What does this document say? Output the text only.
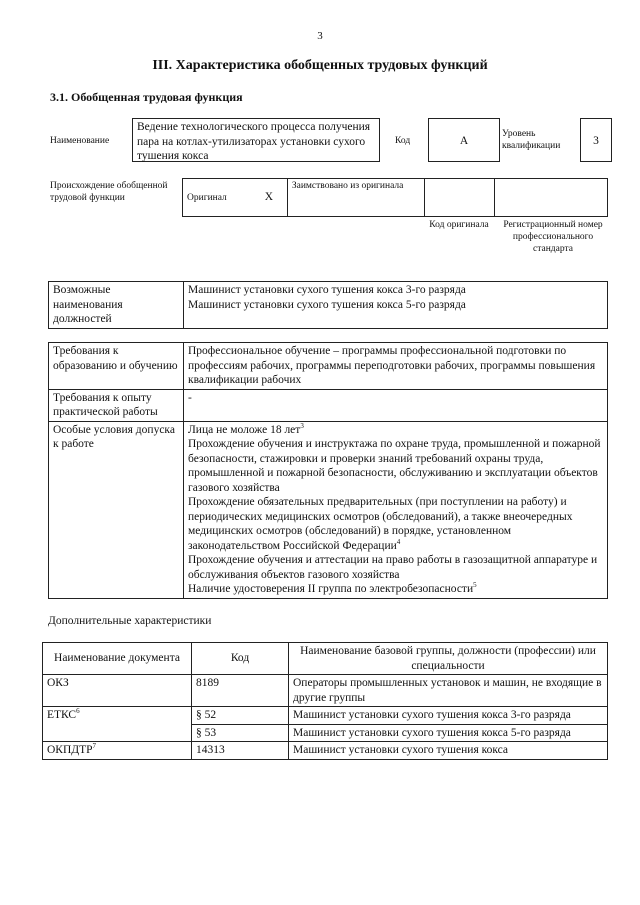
3
III. Характеристика обобщенных трудовых функций
3.1. Обобщенная трудовая функция
Наименование
Ведение технологического процесса получения пара на котлах-утилизаторах установки сухого тушения кокса
Код	А
Уровень квалификации	3
Происхождение обобщенной трудовой функции	Оригинал	X	Заимствовано из оригинала		
Код оригинала	Регистрационный номер профессионального стандарта
Возможные наименования должностей	
Машинист установки сухого тушения кокса 3-го разряда
Машинист установки сухого тушения кокса 5-го разряда
Требования к образованию и обучению	Профессиональное обучение – программы профессиональной подготовки по профессиям рабочих, программы переподготовки рабочих, программы повышения квалификации рабочих
Требования к опыту практической работы	-
Особые условия допуска к работе	Лица не моложе 18 лет$^3$
Прохождение обучения и инструктажа по охране труда, промышленной и пожарной безопасности, стажировки и проверки знаний требований охраны труда, промышленной и пожарной безопасности, обслуживанию и эксплуатации объектов газового хозяйства
Прохождение обязательных предварительных (при поступлении на работу) и периодических медицинских осмотров (обследований), а также внеочередных медицинских осмотров (обследований) в порядке, установленном законодательством Российской Федерации$^4$
Прохождение обучения и аттестации на право работы в газозащитной аппаратуре и обслуживания объектов газового хозяйства
Наличие удостоверения II группа по электробезопасности$^5$
Дополнительные характеристики
Наименование документа	Код	Наименование базовой группы, должности (профессии) или специальности
ОКЗ	8189	Операторы промышленных установок и машин, не входящие в другие группы
ЕТКС$^6$	§ 52	Машинист установки сухого тушения кокса 3-го разряда
	§ 53	Машинист установки сухого тушения кокса 5-го разряда
ОКПДТР$^7$	14313	Машинист установки сухого тушения кокса
